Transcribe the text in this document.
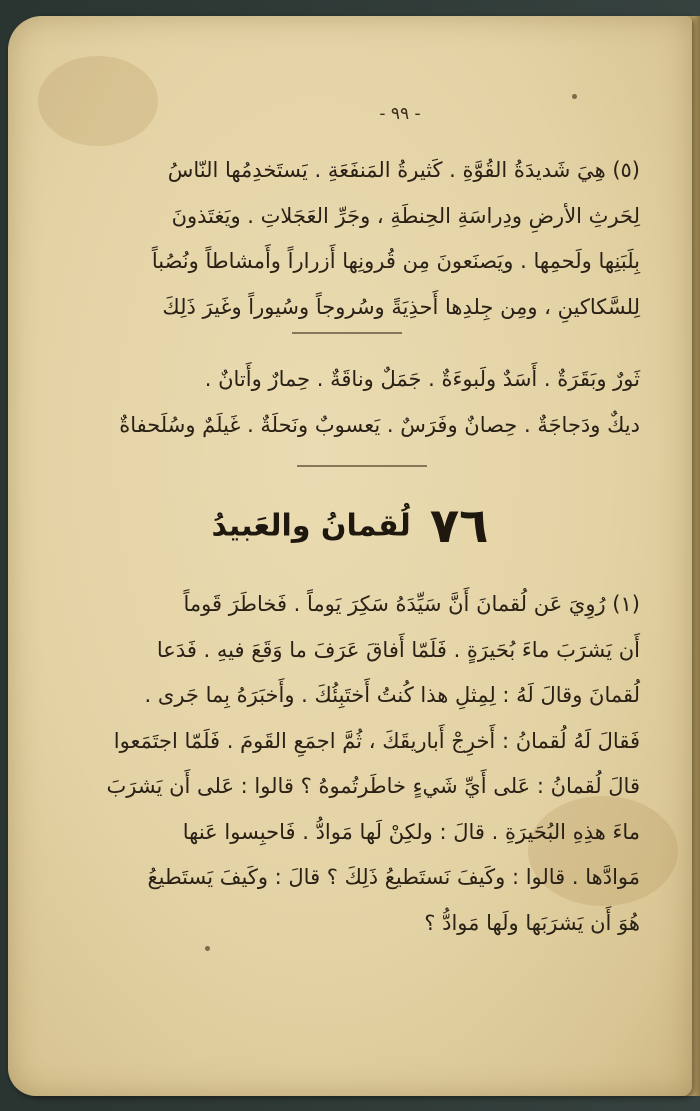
- ٩٩ -
(٥) هِيَ شَديدَةُ القُوَّةِ . كَثيرةُ المَنفَعَةِ . يَستَخدِمُها النّاسُ
لِحَرثِ الأرضِ ودِراسَةِ الحِنطَةِ ، وجَرِّ العَجَلاتِ . ويَغتَذونَ
بِلَبَنِها ولَحمِها . ويَصنَعونَ مِن قُرونِها أَزراراً وأَمشاطاً ونُصُباً
لِلسَّكاكينِ ، ومِن جِلدِها أَحذِيَةً وسُروجاً وسُيوراً وغَيرَ ذَلِكَ
ثَورٌ وبَقَرَةٌ . أَسَدٌ ولَبوءَةٌ . جَمَلٌ وناقَةٌ . حِمارٌ وأَتانٌ .
ديكٌ ودَجاجَةٌ . حِصانٌ وفَرَسٌ . يَعسوبٌ ونَحلَةٌ . غَيلَمٌ وسُلَحفاةٌ
٧٦ لُقمانُ والعَبيدُ
(١) رُوِيَ عَن لُقمانَ أَنَّ سَيِّدَهُ سَكِرَ يَوماً . فَخاطَرَ قَوماً
أَن يَشرَبَ ماءَ بُحَيرَةٍ . فَلَمّا أَفاقَ عَرَفَ ما وَقَعَ فيهِ . فَدَعا
لُقمانَ وقالَ لَهُ : لِمِثلِ هذا كُنتُ أَختَبِئُكَ . وأَخبَرَهُ بِما جَرى .
فَقالَ لَهُ لُقمانُ : أَخرِجْ أَباريقَكَ ، ثُمَّ اجمَعِ القَومَ . فَلَمّا اجتَمَعوا
قالَ لُقمانُ : عَلى أَيِّ شَيءٍ خاطَرتُموهُ ؟ قالوا : عَلى أَن يَشرَبَ
ماءَ هذِهِ البُحَيرَةِ . قالَ : ولكِنْ لَها مَوادُّ . فَاحبِسوا عَنها
مَوادَّها . قالوا : وكَيفَ نَستَطيعُ ذَلِكَ ؟ قالَ : وكَيفَ يَستَطيعُ
هُوَ أَن يَشرَبَها ولَها مَوادُّ ؟
